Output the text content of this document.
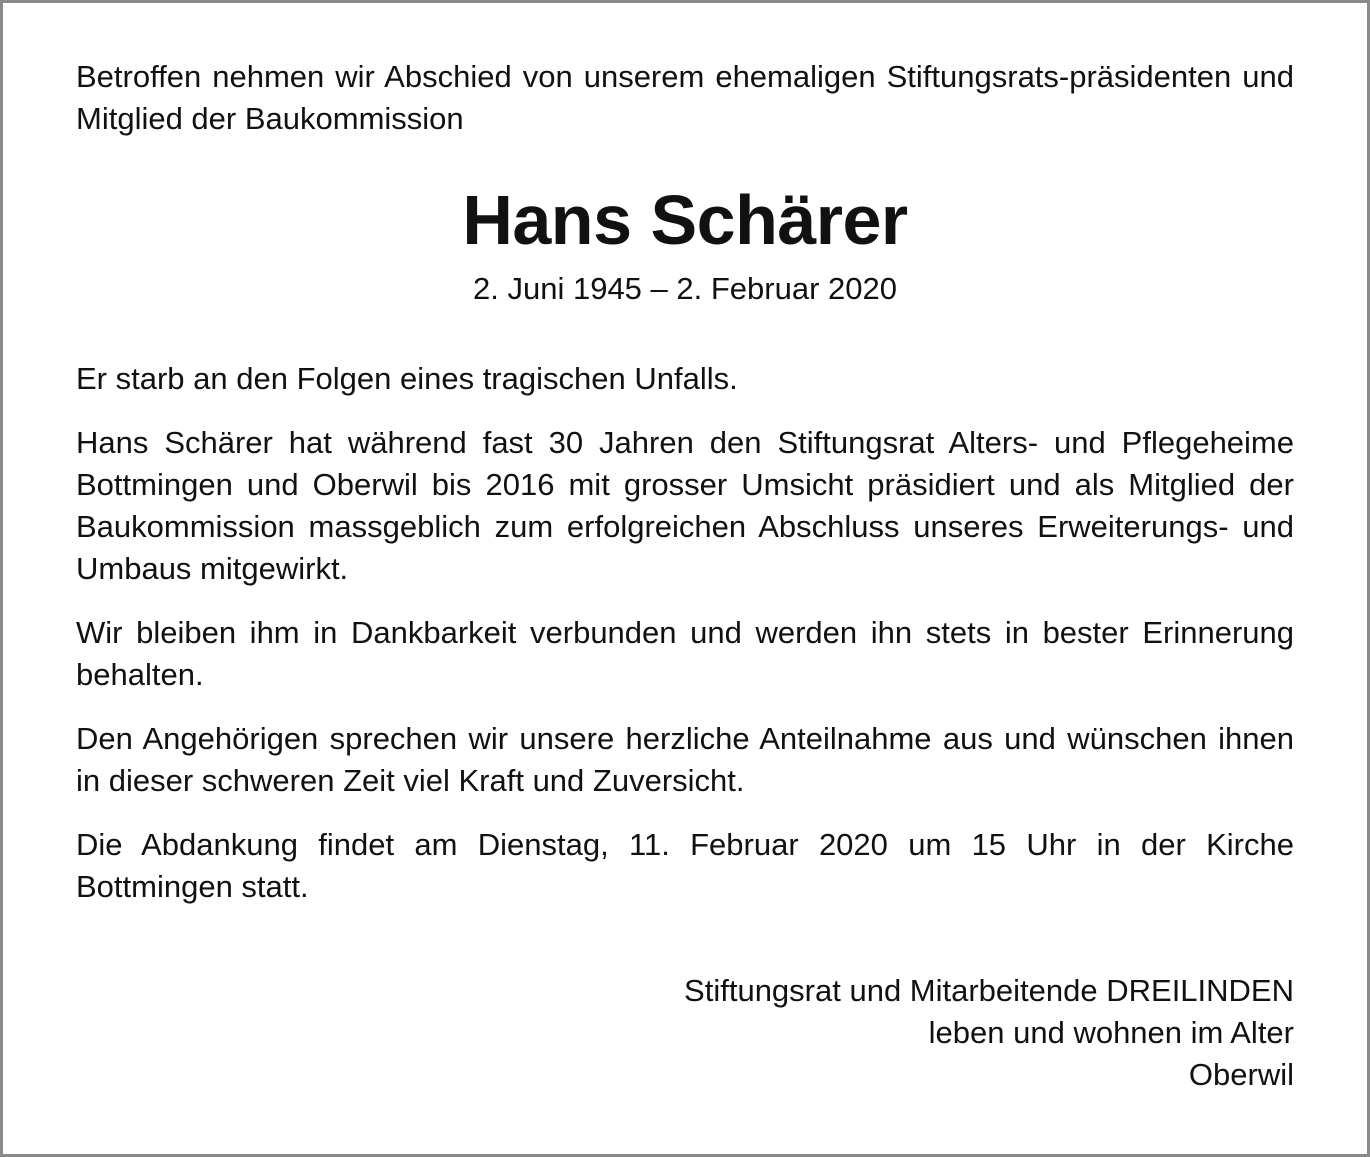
Betroffen nehmen wir Abschied von unserem ehemaligen Stiftungsrats-präsidenten und Mitglied der Baukommission

Hans Schärer
2. Juni 1945 – 2. Februar 2020

Er starb an den Folgen eines tragischen Unfalls.

Hans Schärer hat während fast 30 Jahren den Stiftungsrat Alters- und Pflegeheime Bottmingen und Oberwil bis 2016 mit grosser Umsicht präsidiert und als Mitglied der Baukommission massgeblich zum erfolgreichen Abschluss unseres Erweiterungs- und Umbaus mitgewirkt.

Wir bleiben ihm in Dankbarkeit verbunden und werden ihn stets in bester Erinnerung behalten.

Den Angehörigen sprechen wir unsere herzliche Anteilnahme aus und wünschen ihnen in dieser schweren Zeit viel Kraft und Zuversicht.

Die Abdankung findet am Dienstag, 11. Februar 2020 um 15 Uhr in der Kirche Bottmingen statt.

Stiftungsrat und Mitarbeitende DREILINDEN
leben und wohnen im Alter
Oberwil
